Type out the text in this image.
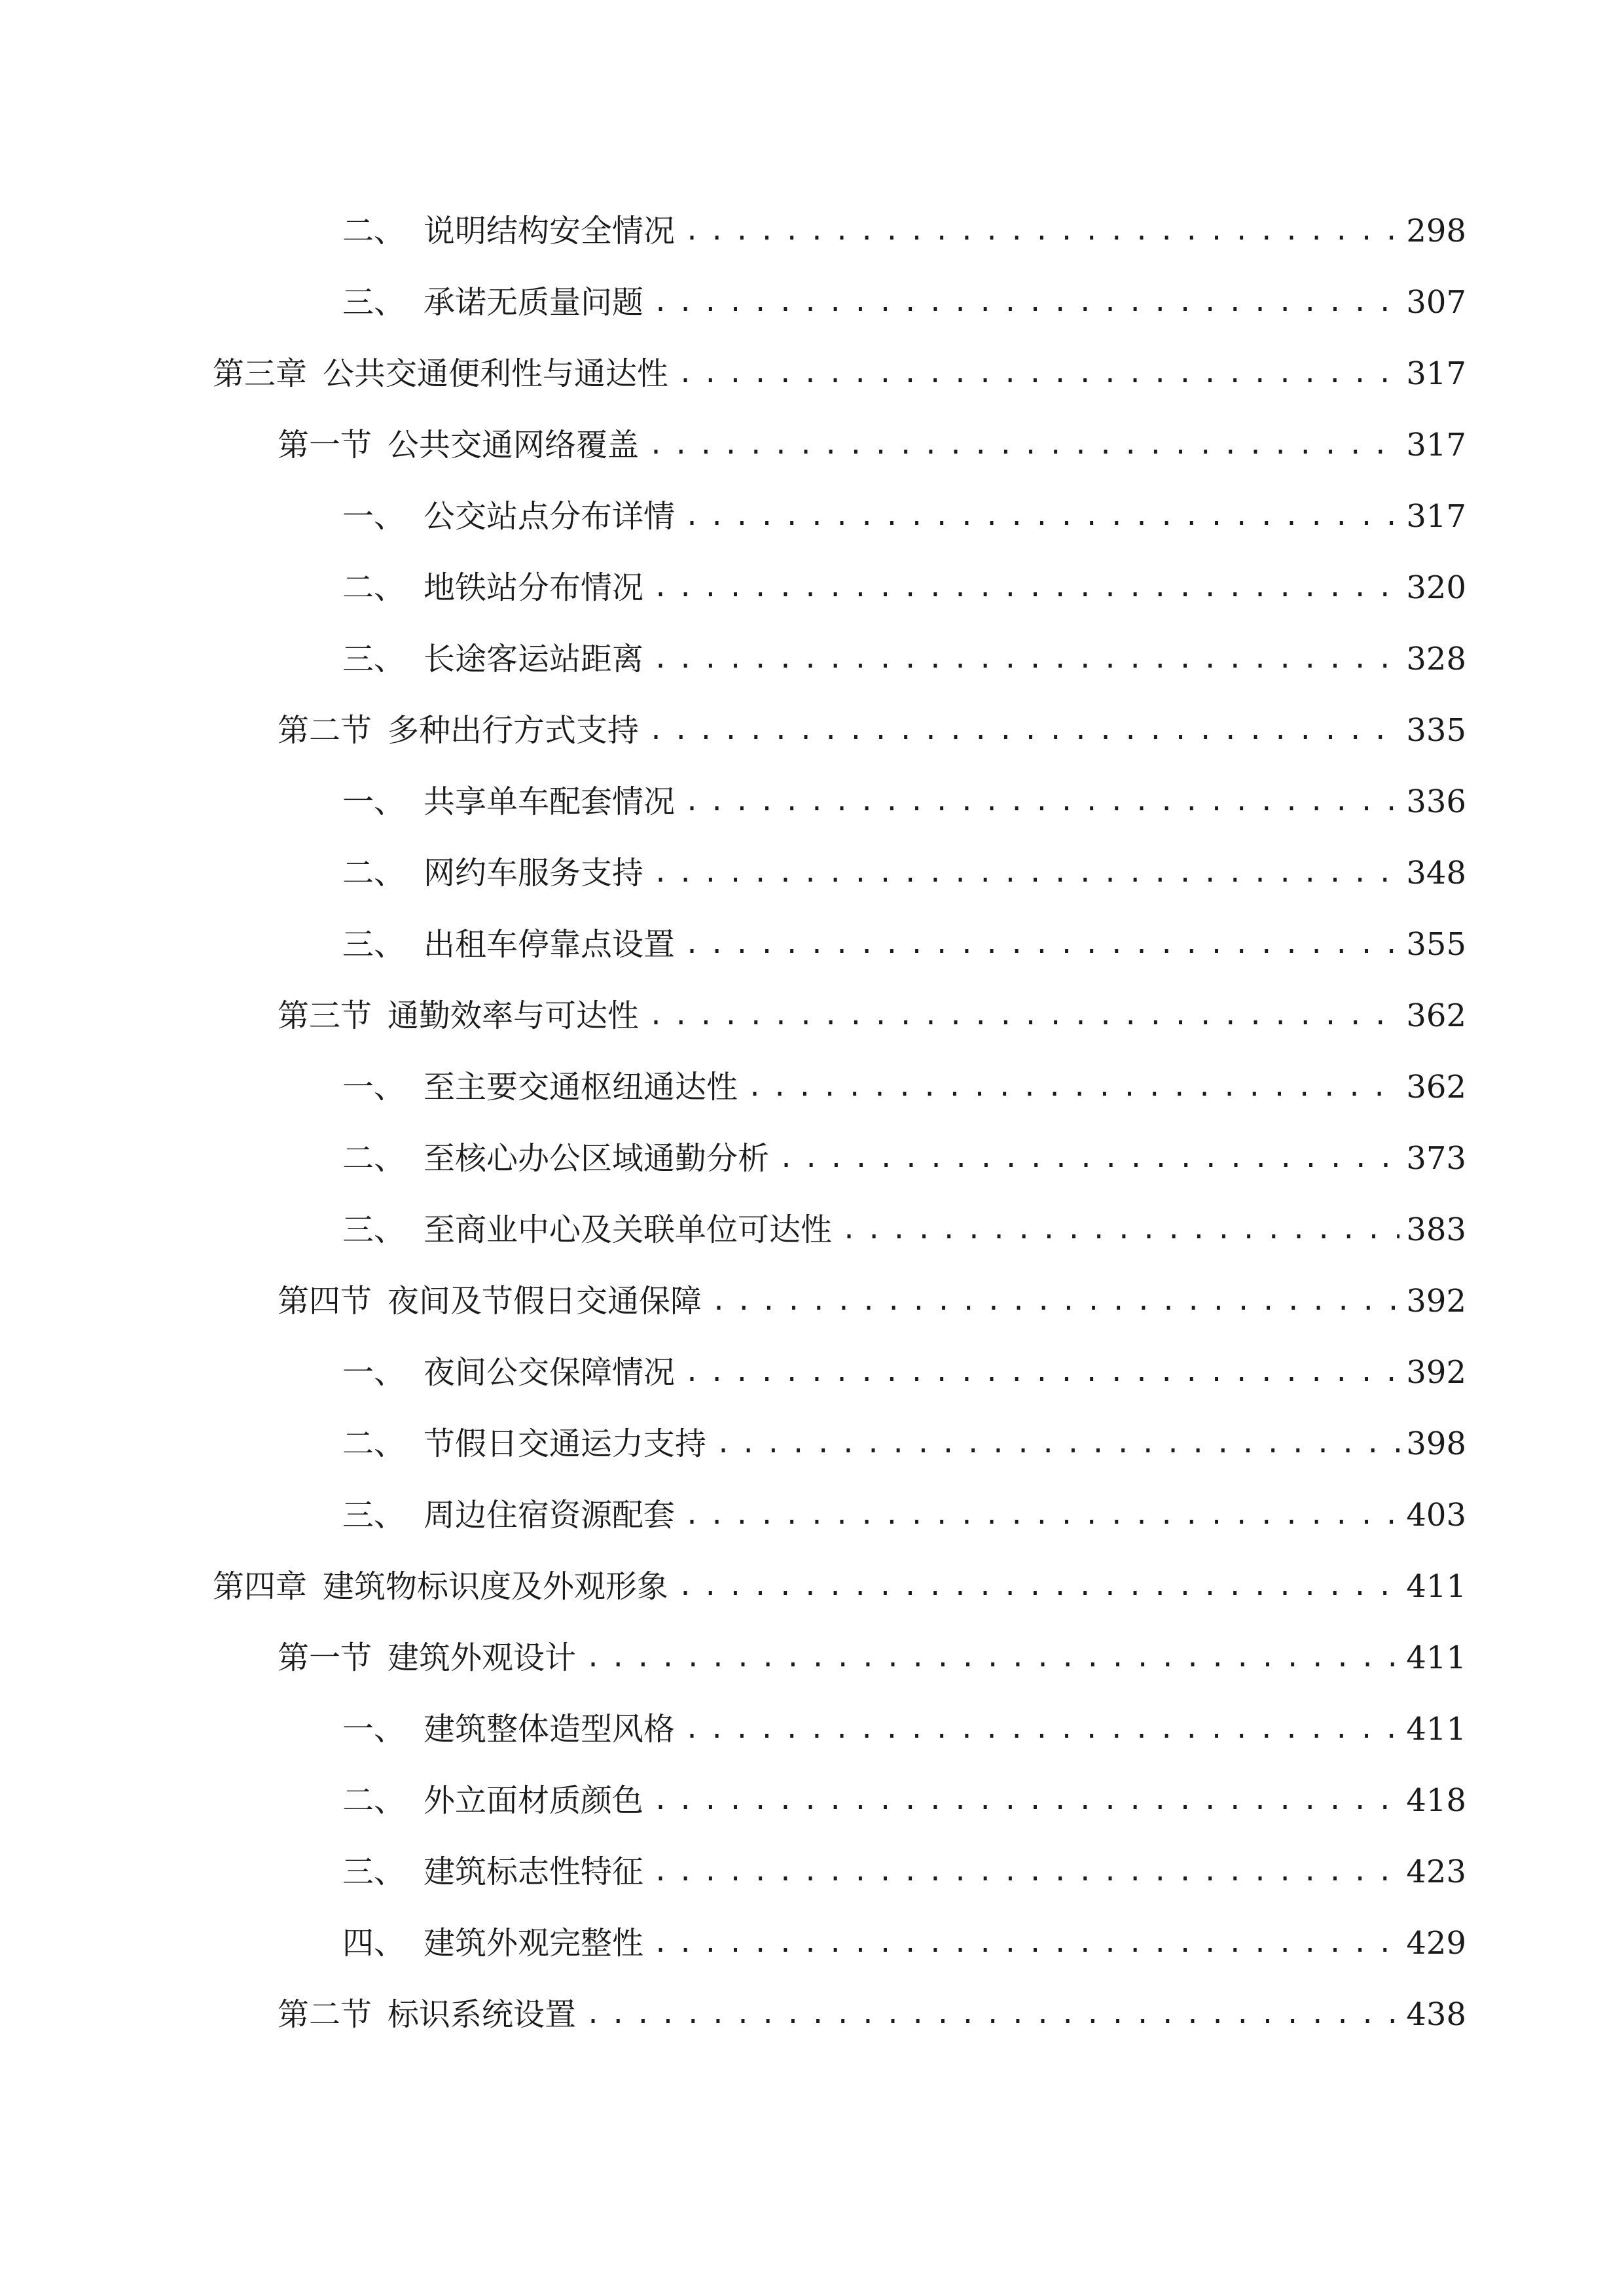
二、 说明结构安全情况 . . .	298
三、 承诺无质量问题 . . .	307
第三章 公共交通便利性与通达性 . . .	317
第一节 公共交通网络覆盖 . . .	317
一、 公交站点分布详情 . . .	317
二、 地铁站分布情况 . . .	320
三、 长途客运站距离 . . .	328
第二节 多种出行方式支持 . . .	335
一、 共享单车配套情况 . . .	336
二、 网约车服务支持 . . .	348
三、 出租车停靠点设置 . . .	355
第三节 通勤效率与可达性 . . .	362
一、 至主要交通枢纽通达性 . . .	362
二、 至核心办公区域通勤分析 . . .	373
三、 至商业中心及关联单位可达性 . . .	383
第四节 夜间及节假日交通保障 . . .	392
一、 夜间公交保障情况 . . .	392
二、 节假日交通运力支持 . . .	398
三、 周边住宿资源配套 . . .	403
第四章 建筑物标识度及外观形象 . . .	411
第一节 建筑外观设计 . . .	411
一、 建筑整体造型风格 . . .	411
二、 外立面材质颜色 . . .	418
三、 建筑标志性特征 . . .	423
四、 建筑外观完整性 . . .	429
第二节 标识系统设置 . . .	438
